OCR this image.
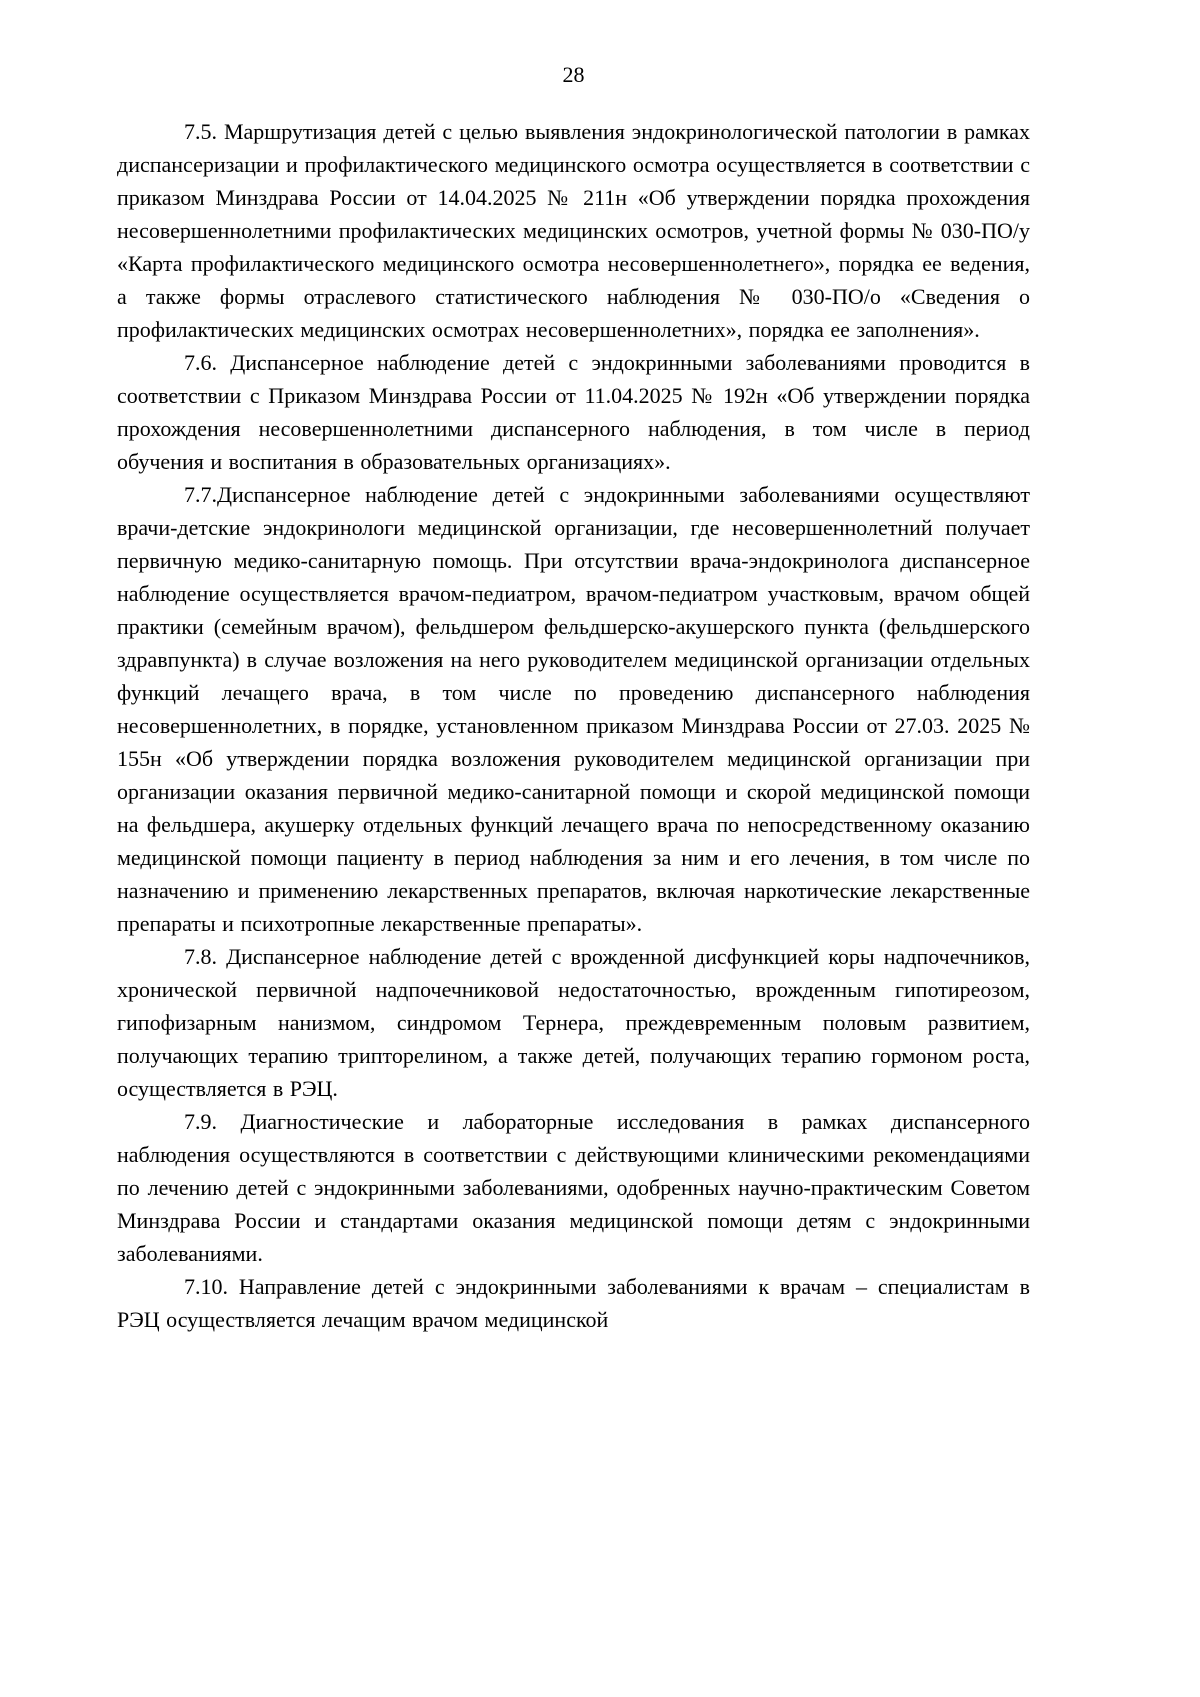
28

7.5. Маршрутизация детей с целью выявления эндокринологической патологии в рамках диспансеризации и профилактического медицинского осмотра осуществляется в соответствии с приказом Минздрава России от 14.04.2025 № 211н «Об утверждении порядка прохождения несовершеннолетними профилактических медицинских осмотров, учетной формы № 030-ПО/у «Карта профилактического медицинского осмотра несовершеннолетнего», порядка ее ведения, а также формы отраслевого статистического наблюдения № 030-ПО/о «Сведения о профилактических медицинских осмотрах несовершеннолетних», порядка ее заполнения».

7.6. Диспансерное наблюдение детей с эндокринными заболеваниями проводится в соответствии с Приказом Минздрава России от 11.04.2025 № 192н «Об утверждении порядка прохождения несовершеннолетними диспансерного наблюдения, в том числе в период обучения и воспитания в образовательных организациях».

7.7.Диспансерное наблюдение детей с эндокринными заболеваниями осуществляют врачи-детские эндокринологи медицинской организации, где несовершеннолетний получает первичную медико-санитарную помощь. При отсутствии врача-эндокринолога диспансерное наблюдение осуществляется врачом-педиатром, врачом-педиатром участковым, врачом общей практики (семейным врачом), фельдшером фельдшерско-акушерского пункта (фельдшерского здравпункта) в случае возложения на него руководителем медицинской организации отдельных функций лечащего врача, в том числе по проведению диспансерного наблюдения несовершеннолетних, в порядке, установленном приказом Минздрава России от 27.03. 2025 № 155н «Об утверждении порядка возложения руководителем медицинской организации при организации оказания первичной медико-санитарной помощи и скорой медицинской помощи на фельдшера, акушерку отдельных функций лечащего врача по непосредственному оказанию медицинской помощи пациенту в период наблюдения за ним и его лечения, в том числе по назначению и применению лекарственных препаратов, включая наркотические лекарственные препараты и психотропные лекарственные препараты».

7.8. Диспансерное наблюдение детей с врожденной дисфункцией коры надпочечников, хронической первичной надпочечниковой недостаточностью, врожденным гипотиреозом, гипофизарным нанизмом, синдромом Тернера, преждевременным половым развитием, получающих терапию трипторелином, а также детей, получающих терапию гормоном роста, осуществляется в РЭЦ.

7.9. Диагностические и лабораторные исследования в рамках диспансерного наблюдения осуществляются в соответствии с действующими клиническими рекомендациями по лечению детей с эндокринными заболеваниями, одобренных научно-практическим Советом Минздрава России и стандартами оказания медицинской помощи детям с эндокринными заболеваниями.

7.10. Направление детей с эндокринными заболеваниями к врачам – специалистам в РЭЦ осуществляется лечащим врачом медицинской
